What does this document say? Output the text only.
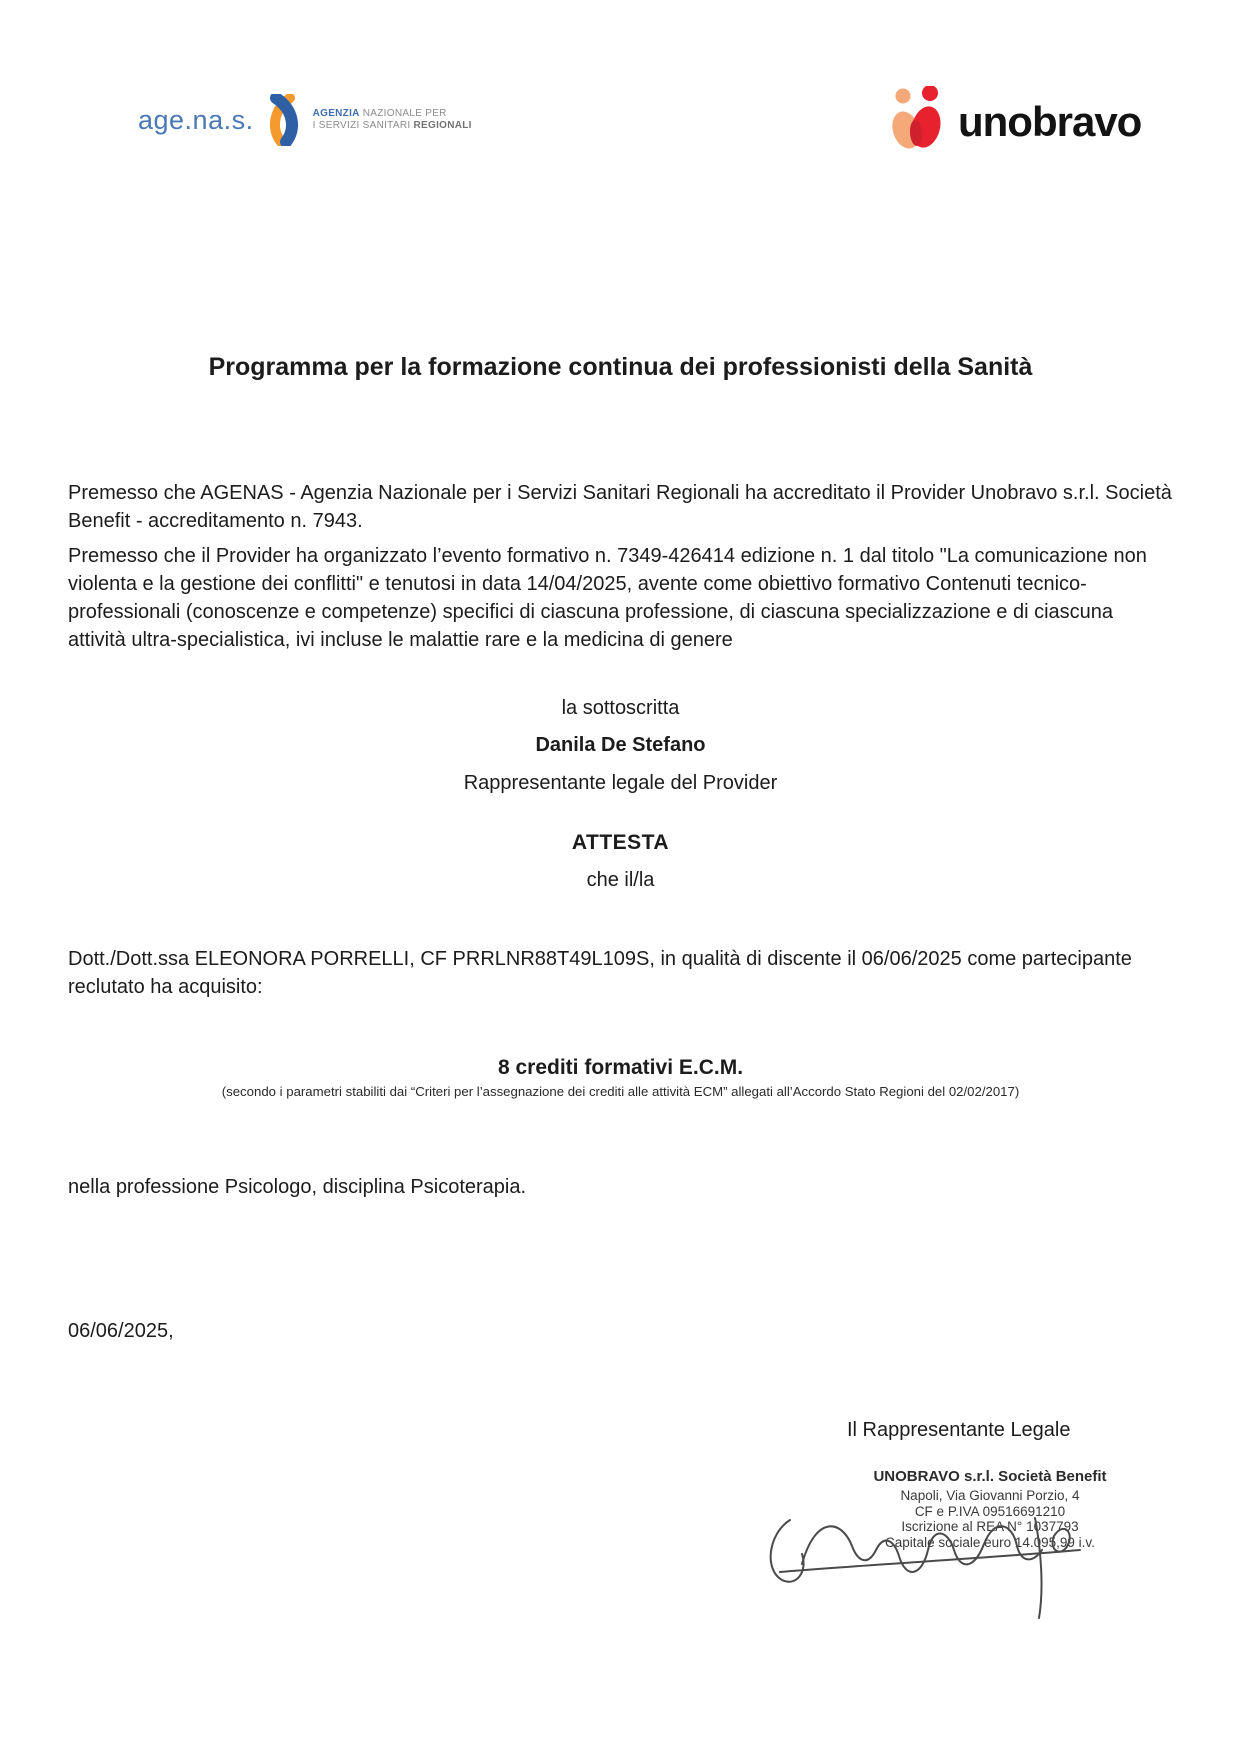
age.na.s.	AGENZIA NAZIONALE PER
I SERVIZI SANITARI REGIONALI	unobravo
Programma per la formazione continua dei professionisti della Sanità
Premesso che AGENAS - Agenzia Nazionale per i Servizi Sanitari Regionali ha accreditato il Provider Unobravo s.r.l. Società Benefit - accreditamento n. 7943.
Premesso che il Provider ha organizzato l’evento formativo n. 7349-426414 edizione n. 1 dal titolo "La comunicazione non violenta e la gestione dei conflitti" e tenutosi in data 14/04/2025, avente come obiettivo formativo Contenuti tecnico-professionali (conoscenze e competenze) specifici di ciascuna professione, di ciascuna specializzazione e di ciascuna attività ultra-specialistica, ivi incluse le malattie rare e la medicina di genere
la sottoscritta
Danila De Stefano
Rappresentante legale del Provider
ATTESTA
che il/la
Dott./Dott.ssa ELEONORA PORRELLI, CF PRRLNR88T49L109S, in qualità di discente il 06/06/2025 come partecipante reclutato ha acquisito:
8 crediti formativi E.C.M.
(secondo i parametri stabiliti dai “Criteri per l’assegnazione dei crediti alle attività ECM” allegati all’Accordo Stato Regioni del 02/02/2017)
nella professione Psicologo, disciplina Psicoterapia.
06/06/2025,
Il Rappresentante Legale
UNOBRAVO s.r.l. Società Benefit
Napoli, Via Giovanni Porzio, 4
CF e P.IVA 09516691210
Iscrizione al REA N° 1037793
Capitale sociale euro 14.095,99 i.v.
